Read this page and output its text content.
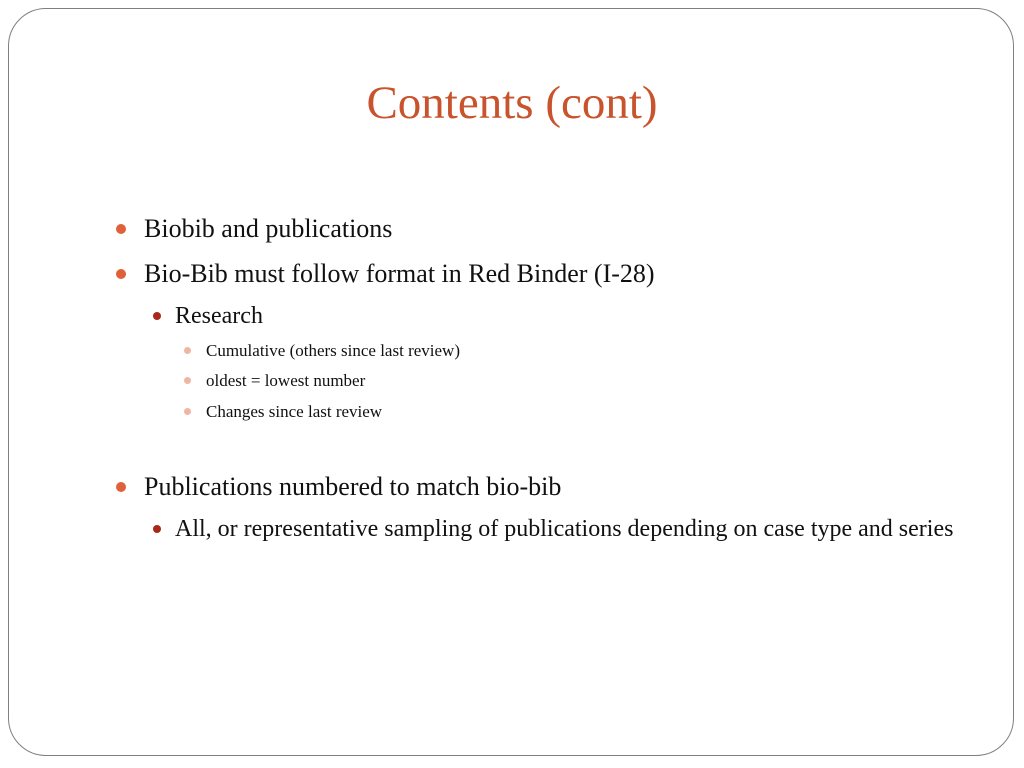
Contents (cont)
Biobib and publications
Bio-Bib must follow format in Red Binder (I-28)
Research
Cumulative (others since last review)
oldest = lowest number
Changes since last review
Publications numbered to match bio-bib
All, or representative sampling of publications depending on case type and series
